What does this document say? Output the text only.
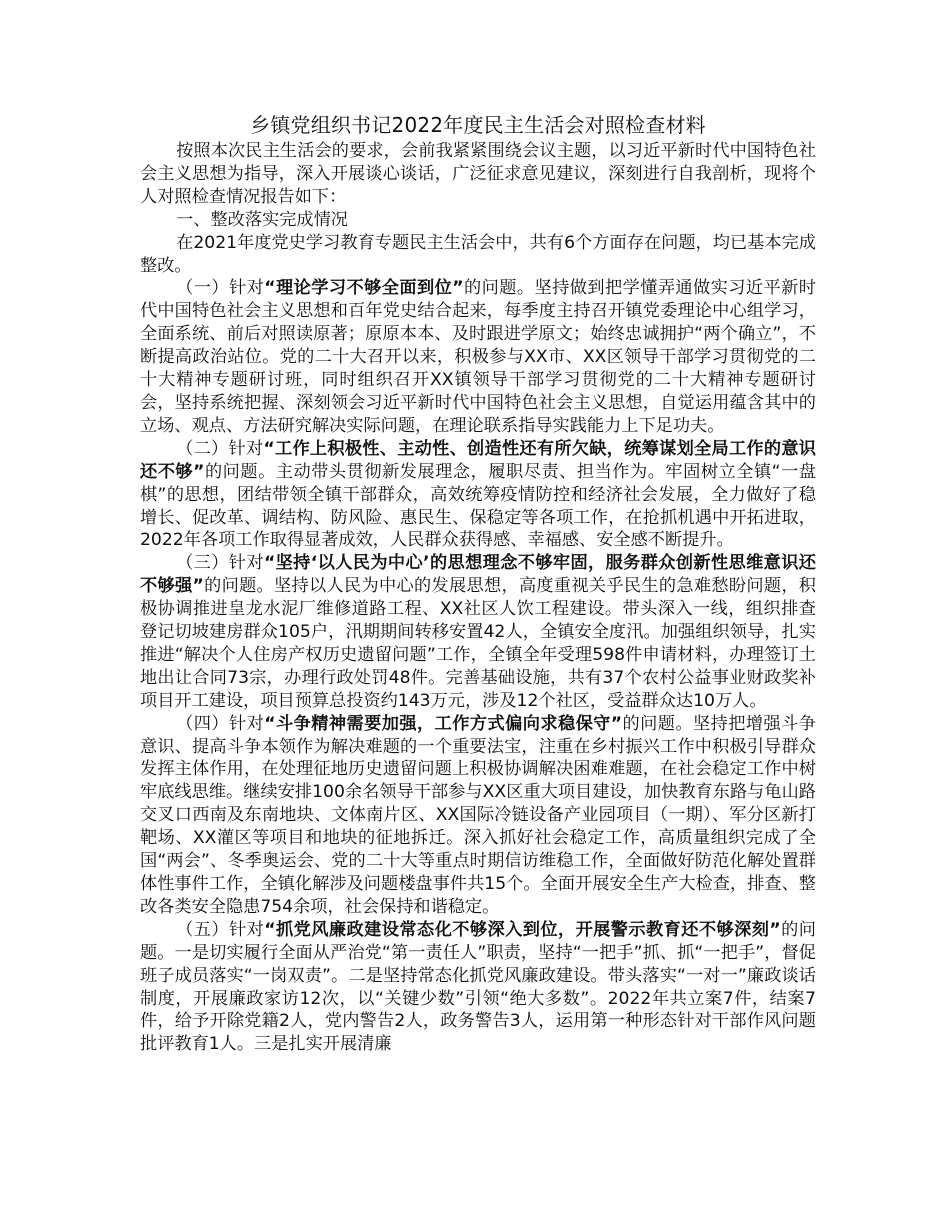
乡镇党组织书记2022年度民主生活会对照检查材料

按照本次民主生活会的要求，会前我紧紧围绕会议主题，以习近平新时代中国特色社会主义思想为指导，深入开展谈心谈话，广泛征求意见建议，深刻进行自我剖析，现将个人对照检查情况报告如下：

一、整改落实完成情况

在2021年度党史学习教育专题民主生活会中，共有6个方面存在问题，均已基本完成整改。

（一）针对“理论学习不够全面到位”的问题。坚持做到把学懂弄通做实习近平新时代中国特色社会主义思想和百年党史结合起来，每季度主持召开镇党委理论中心组学习，全面系统、前后对照读原著；原原本本、及时跟进学原文；始终忠诚拥护“两个确立”，不断提高政治站位。党的二十大召开以来，积极参与XX市、XX区领导干部学习贯彻党的二十大精神专题研讨班，同时组织召开XX镇领导干部学习贯彻党的二十大精神专题研讨会，坚持系统把握、深刻领会习近平新时代中国特色社会主义思想，自觉运用蕴含其中的立场、观点、方法研究解决实际问题，在理论联系指导实践能力上下足功夫。

（二）针对“工作上积极性、主动性、创造性还有所欠缺，统筹谋划全局工作的意识还不够”的问题。主动带头贯彻新发展理念，履职尽责、担当作为。牢固树立全镇“一盘棋”的思想，团结带领全镇干部群众，高效统筹疫情防控和经济社会发展，全力做好了稳增长、促改革、调结构、防风险、惠民生、保稳定等各项工作，在抢抓机遇中开拓进取，2022年各项工作取得显著成效，人民群众获得感、幸福感、安全感不断提升。

（三）针对“坚持‘以人民为中心’的思想理念不够牢固，服务群众创新性思维意识还不够强”的问题。坚持以人民为中心的发展思想，高度重视关乎民生的急难愁盼问题，积极协调推进皇龙水泥厂维修道路工程、XX社区人饮工程建设。带头深入一线，组织排查登记切坡建房群众105户，汛期期间转移安置42人，全镇安全度汛。加强组织领导，扎实推进“解决个人住房产权历史遗留问题”工作，全镇全年受理598件申请材料，办理签订土地出让合同73宗，办理行政处罚48件。完善基础设施，共有37个农村公益事业财政奖补项目开工建设，项目预算总投资约143万元，涉及12个社区，受益群众达10万人。

（四）针对“斗争精神需要加强，工作方式偏向求稳保守”的问题。坚持把增强斗争意识、提高斗争本领作为解决难题的一个重要法宝，注重在乡村振兴工作中积极引导群众发挥主体作用，在处理征地历史遗留问题上积极协调解决困难难题，在社会稳定工作中树牢底线思维。继续安排100余名领导干部参与XX区重大项目建设，加快教育东路与龟山路交叉口西南及东南地块、文体南片区、XX国际冷链设备产业园项目（一期）、军分区新打靶场、XX灌区等项目和地块的征地拆迁。深入抓好社会稳定工作，高质量组织完成了全国“两会”、冬季奥运会、党的二十大等重点时期信访维稳工作，全面做好防范化解处置群体性事件工作，全镇化解涉及问题楼盘事件共15个。全面开展安全生产大检查，排查、整改各类安全隐患754余项，社会保持和谐稳定。

（五）针对“抓党风廉政建设常态化不够深入到位，开展警示教育还不够深刻”的问题。一是切实履行全面从严治党“第一责任人”职责，坚持“一把手”抓、抓“一把手”，督促班子成员落实“一岗双责”。二是坚持常态化抓党风廉政建设。带头落实“一对一”廉政谈话制度，开展廉政家访12次，以“关键少数”引领“绝大多数”。2022年共立案7件，结案7件，给予开除党籍2人，党内警告2人，政务警告3人，运用第一种形态针对干部作风问题批评教育1人。三是扎实开展清廉
